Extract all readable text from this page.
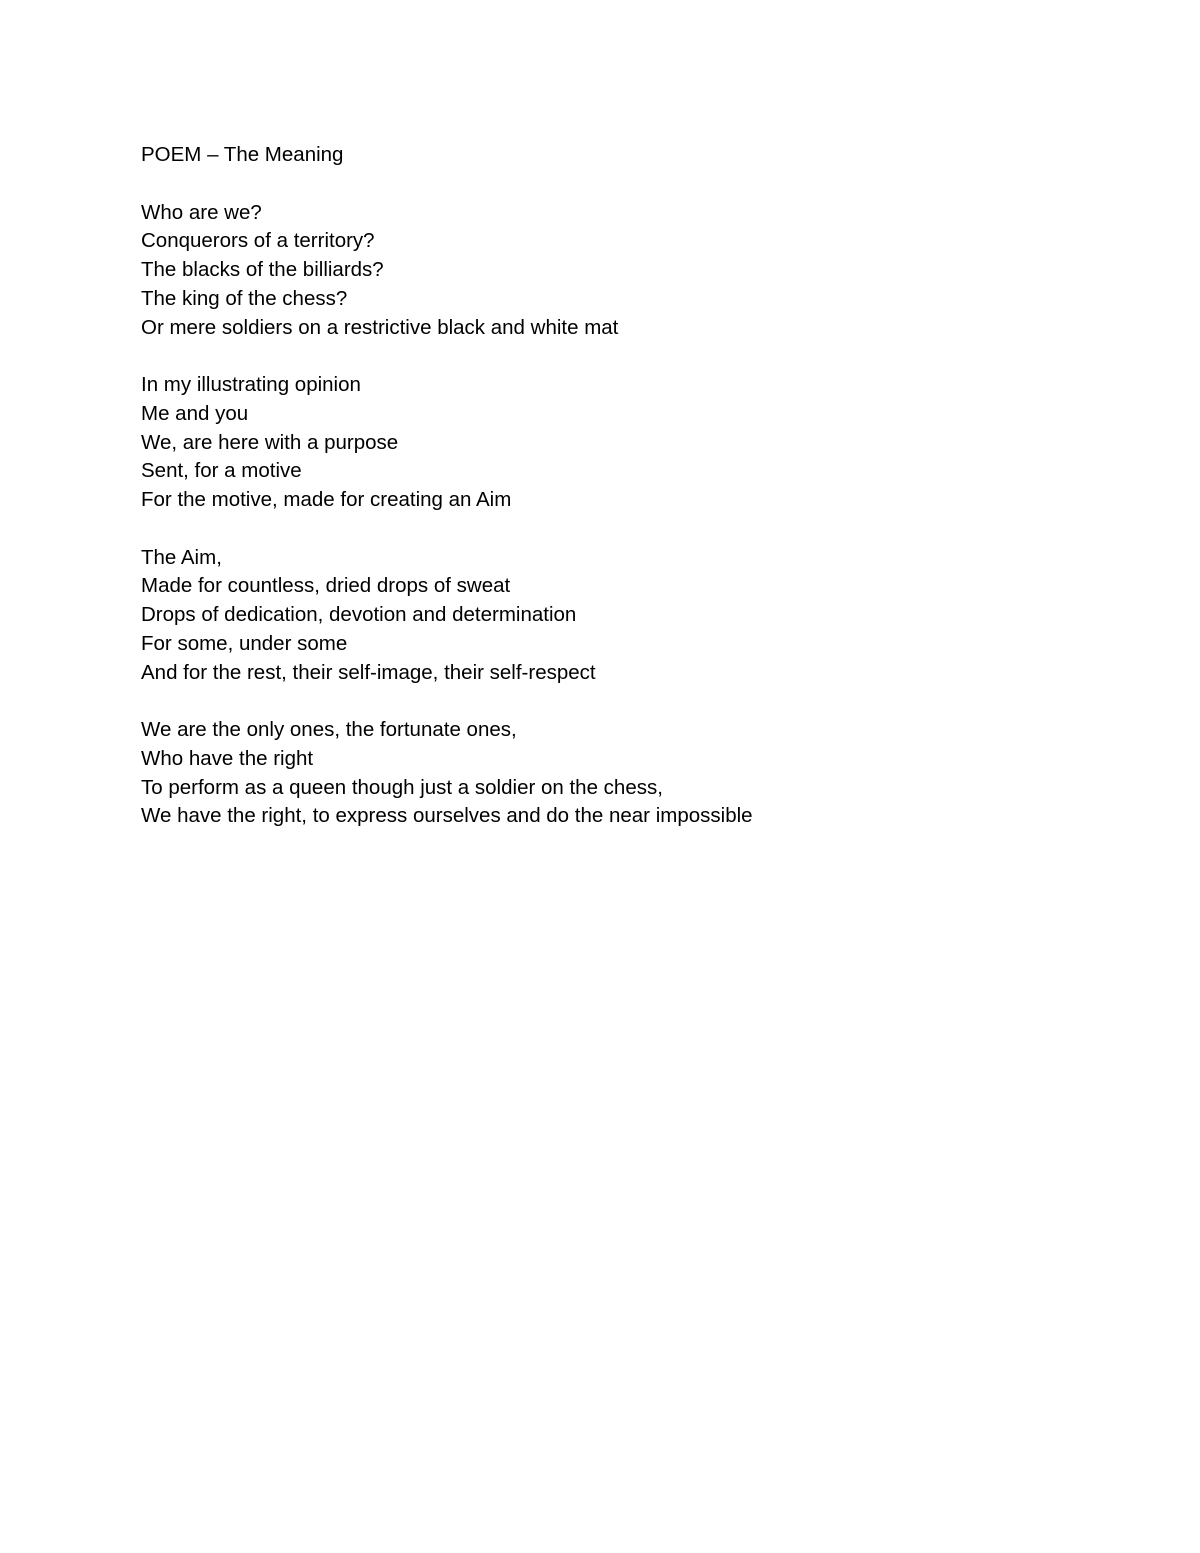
POEM – The Meaning

Who are we?

Conquerors of a territory?

The blacks of the billiards?

The king of the chess?

Or mere soldiers on a restrictive black and white mat

In my illustrating opinion

Me and you

We, are here with a purpose

Sent, for a motive

For the motive, made for creating an Aim

The Aim,

Made for countless, dried drops of sweat

Drops of dedication, devotion and determination

For some, under some

And for the rest, their self-image, their self-respect

We are the only ones, the fortunate ones,

Who have the right

To perform as a queen though just a soldier on the chess,

We have the right, to express ourselves and do the near impossible
